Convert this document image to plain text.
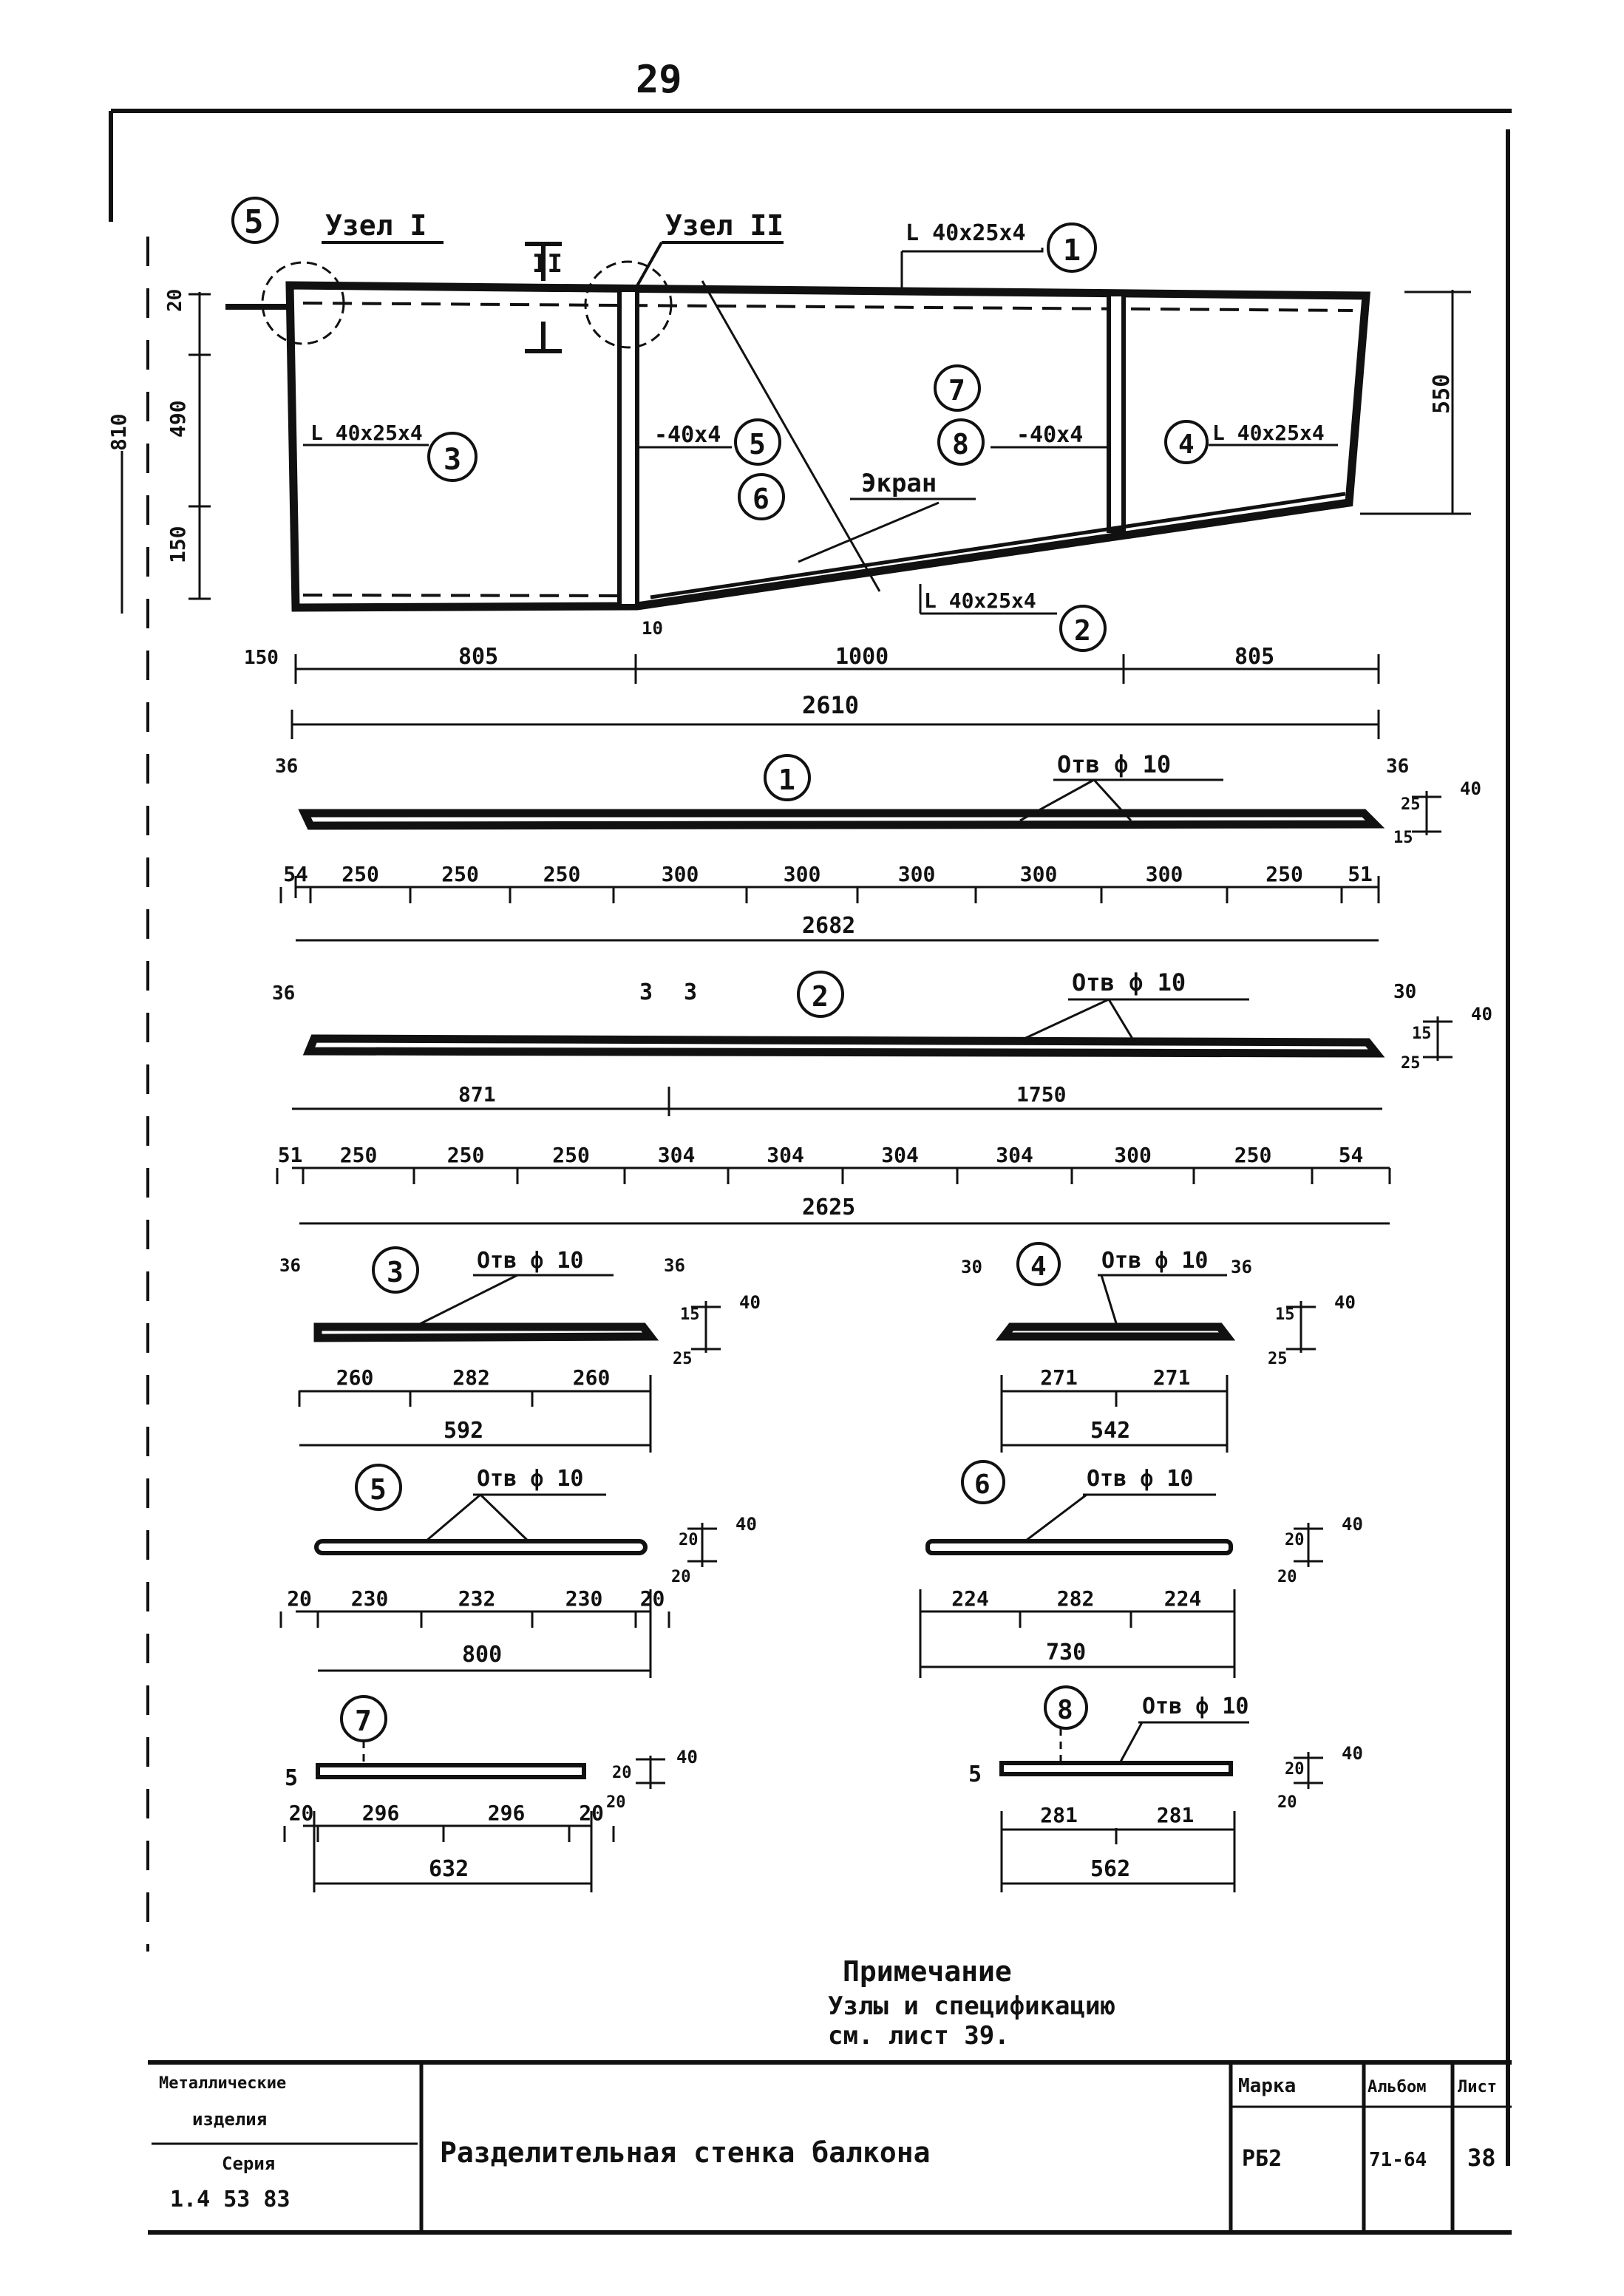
29
5 Узел I
II
Узел II	L 40x25x4
1
L 40x25x4
3
-40x4 5
6
7
8 -40x4	4 L 40x25x4
Экран
L 40x25x4
2
20
490
150
810
550
150	805	1000	805
10
2610
1	Отв ф 10
36	36
25
40
15
54 250	250	250	300	300	300	300	300	250 51
2682
2	Отв ф 10
36	30
3 3
15
40
25
871	1750
51 250	250	250	304	304	304	304	300	250	54
2625
3
36	36
Отв ф 10
15
40
25
260	282	260
592
4
30	36
Отв ф 10
15
40
25
271	271
542
5	Отв ф 10
20
40
20
20 230	232	230 20
800
6	Отв ф 10
20
40
20
224	282	224
730
7
5	20
40
20
20 296	296	20
632
8	Отв ф 10
5	20
40
20
281	281
562
Примечание
Узлы и спецификацию
см. лист 39.
Металлические
изделия
Серия
1.4 53 83
Разделительная стенка балкона
Марка	Альбом Лист
РБ2	71-64 38
